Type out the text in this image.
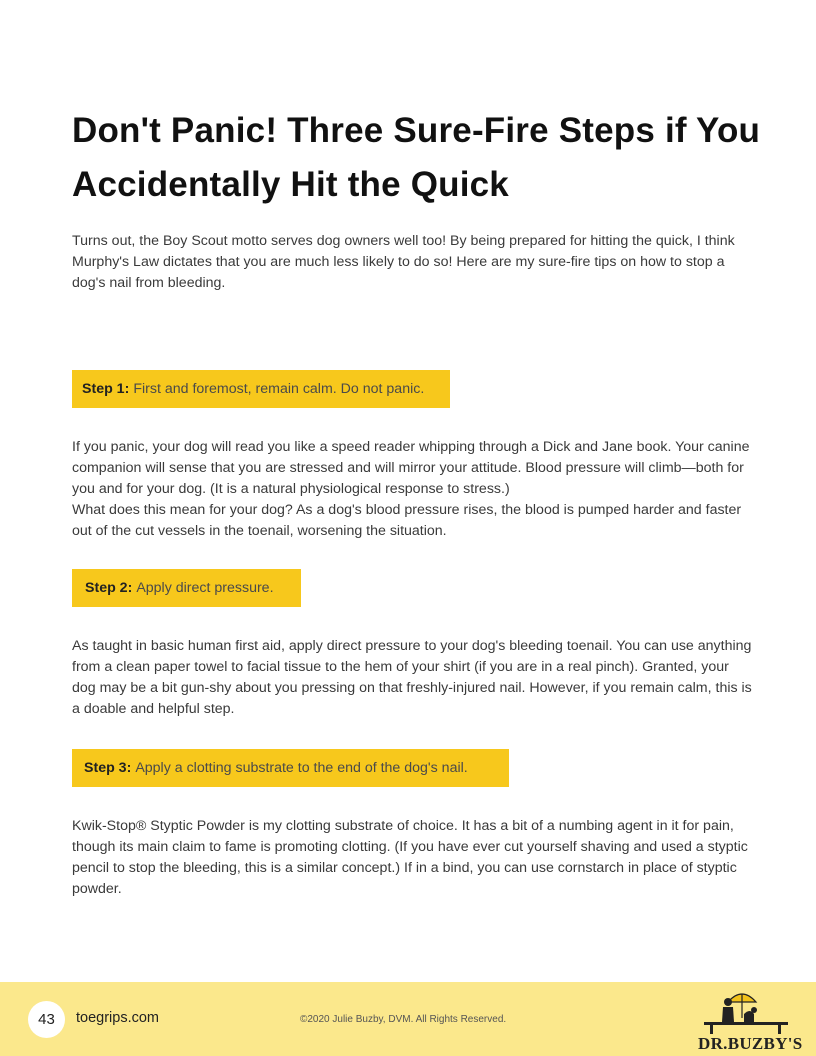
Don't Panic! Three Sure-Fire Steps if You Accidentally Hit the Quick

Turns out, the Boy Scout motto serves dog owners well too! By being prepared for hitting the quick, I think Murphy's Law dictates that you are much less likely to do so! Here are my sure-fire tips on how to stop a dog's nail from bleeding.

Step 1: First and foremost, remain calm. Do not panic.

If you panic, your dog will read you like a speed reader whipping through a Dick and Jane book. Your canine companion will sense that you are stressed and will mirror your attitude. Blood pressure will climb—both for you and for your dog. (It is a natural physiological response to stress.)

What does this mean for your dog? As a dog's blood pressure rises, the blood is pumped harder and faster out of the cut vessels in the toenail, worsening the situation.

Step 2: Apply direct pressure.

As taught in basic human first aid, apply direct pressure to your dog's bleeding toenail. You can use anything from a clean paper towel to facial tissue to the hem of your shirt (if you are in a real pinch). Granted, your dog may be a bit gun-shy about you pressing on that freshly-injured nail. However, if you remain calm, this is a doable and helpful step.

Step 3: Apply a clotting substrate to the end of the dog's nail.

Kwik-Stop® Styptic Powder is my clotting substrate of choice. It has a bit of a numbing agent in it for pain, though its main claim to fame is promoting clotting. (If you have ever cut yourself shaving and used a styptic pencil to stop the bleeding, this is a similar concept.) If in a bind, you can use cornstarch in place of styptic powder.

43	toegrips.com	©2020 Julie Buzby, DVM. All Rights Reserved.
DR.BUZBY'S
